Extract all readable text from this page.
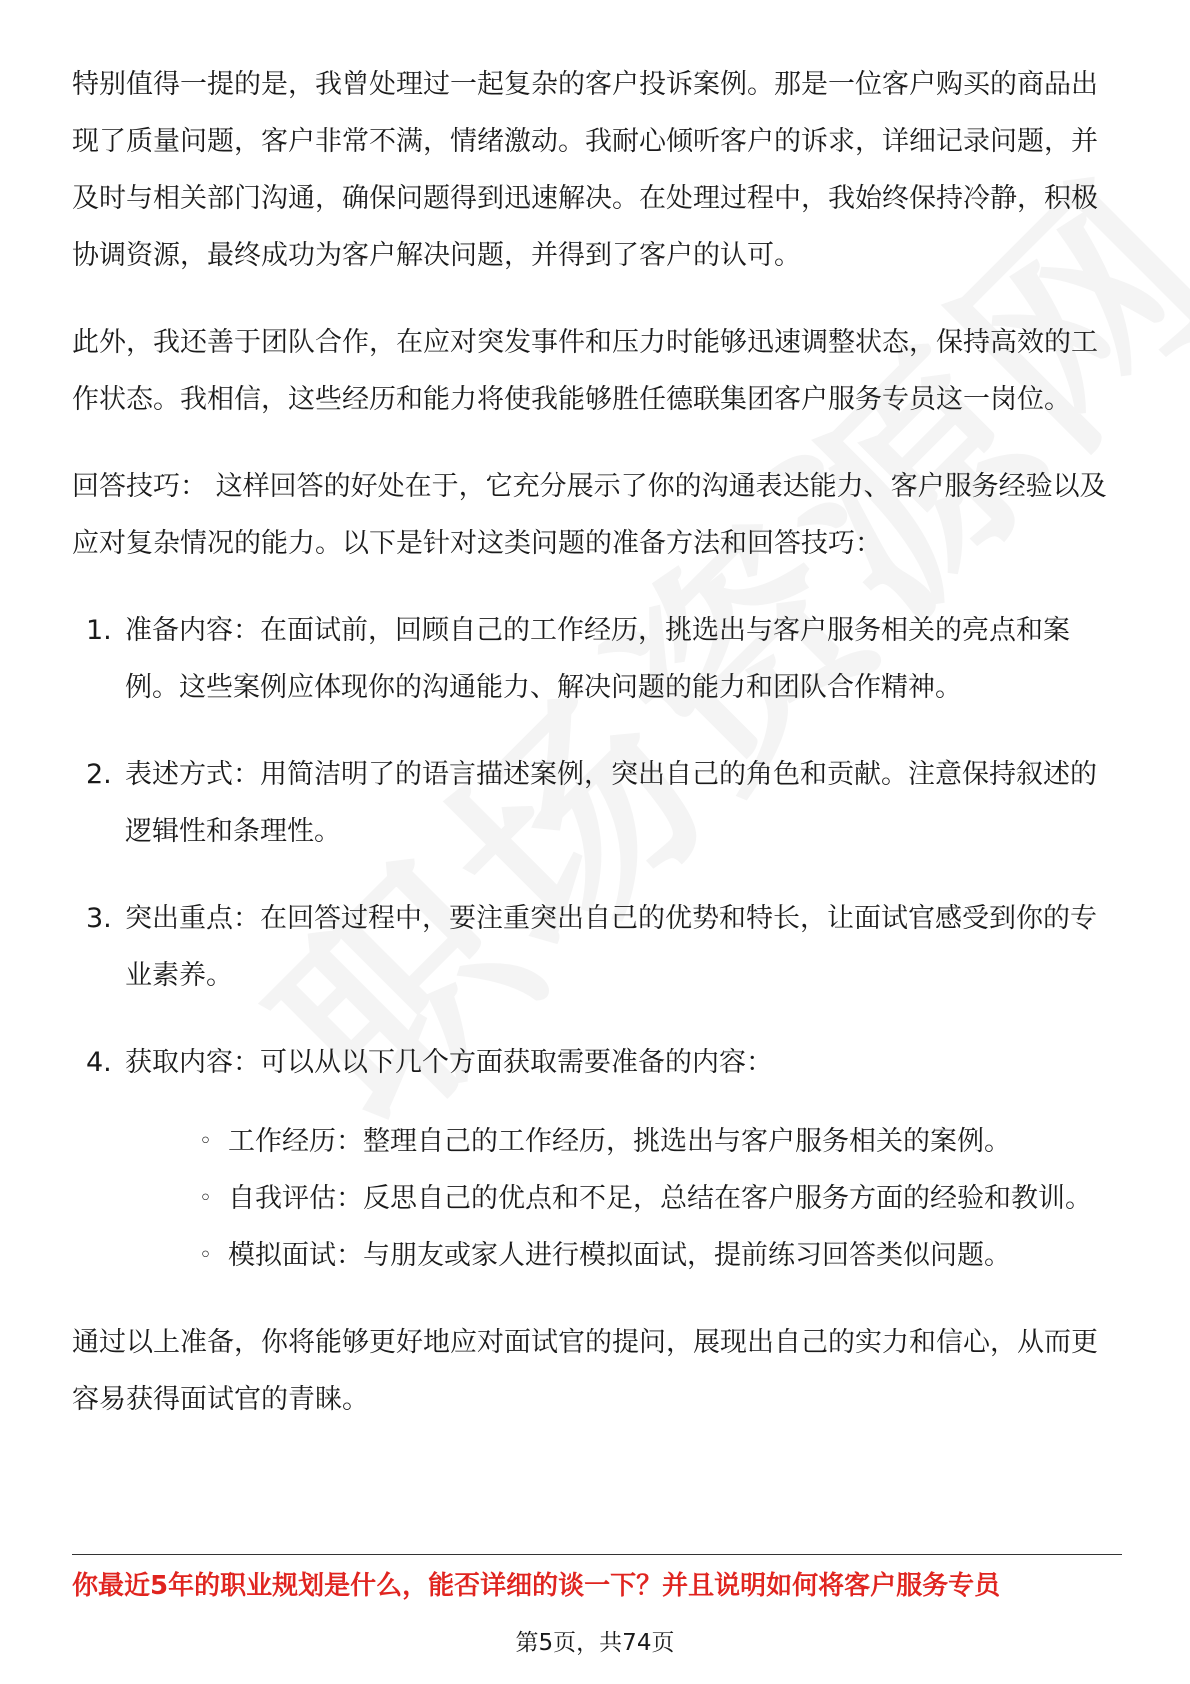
特别值得一提的是，我曾处理过一起复杂的客户投诉案例。那是一位客户购买的商品出现了质量问题，客户非常不满，情绪激动。我耐心倾听客户的诉求，详细记录问题，并及时与相关部门沟通，确保问题得到迅速解决。在处理过程中，我始终保持冷静，积极协调资源，最终成功为客户解决问题，并得到了客户的认可。

此外，我还善于团队合作，在应对突发事件和压力时能够迅速调整状态，保持高效的工作状态。我相信，这些经历和能力将使我能够胜任德联集团客户服务专员这一岗位。

回答技巧： 这样回答的好处在于，它充分展示了你的沟通表达能力、客户服务经验以及应对复杂情况的能力。以下是针对这类问题的准备方法和回答技巧：

1. 准备内容：在面试前，回顾自己的工作经历，挑选出与客户服务相关的亮点和案例。这些案例应体现你的沟通能力、解决问题的能力和团队合作精神。
2. 表述方式：用简洁明了的语言描述案例，突出自己的角色和贡献。注意保持叙述的逻辑性和条理性。
3. 突出重点：在回答过程中，要注重突出自己的优势和特长，让面试官感受到你的专业素养。
4. 获取内容：可以从以下几个方面获取需要准备的内容：
◦ 工作经历：整理自己的工作经历，挑选出与客户服务相关的案例。
◦ 自我评估：反思自己的优点和不足，总结在客户服务方面的经验和教训。
◦ 模拟面试：与朋友或家人进行模拟面试，提前练习回答类似问题。

通过以上准备，你将能够更好地应对面试官的提问，展现出自己的实力和信心，从而更容易获得面试官的青睐。

你最近5年的职业规划是什么，能否详细的谈一下？并且说明如何将客户服务专员
第5页，共74页
